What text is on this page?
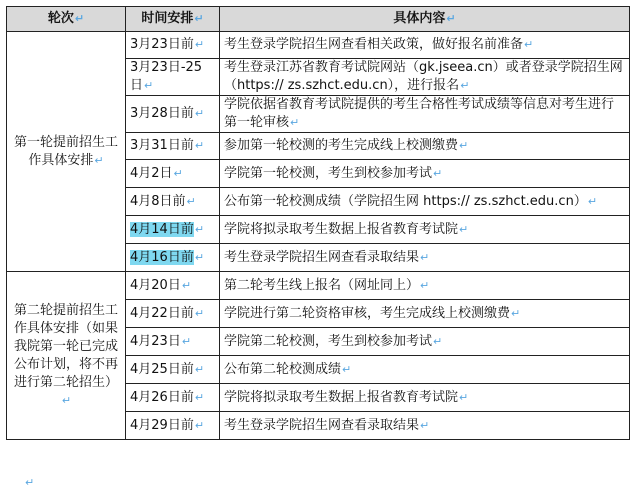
轮次↵	时间安排↵	具体内容↵
第一轮提前招生工作具体安排↵	3月23日前↵	考生登录学院招生网查看相关政策，做好报名前准备↵
	3月23日-25日↵	考生登录江苏省教育考试院网站（gk.jseea.cn）或者登录学院招生网（https:// zs.szhct.edu.cn），进行报名↵
	3月28日前↵	学院依据省教育考试院提供的考生合格性考试成绩等信息对考生进行第一轮审核↵
	3月31日前↵	参加第一轮校测的考生完成线上校测缴费↵
	4月2日↵	学院第一轮校测，考生到校参加考试↵
	4月8日前↵	公布第一轮校测成绩（学院招生网 https:// zs.szhct.edu.cn）↵
	4月14日前↵	学院将拟录取考生数据上报省教育考试院↵
	4月16日前↵	考生登录学院招生网查看录取结果↵
第二轮提前招生工作具体安排（如果我院第一轮已完成公布计划，将不再进行第二轮招生）↵	4月20日↵	第二轮考生线上报名（网址同上）↵
	4月22日前↵	学院进行第二轮资格审核，考生完成线上校测缴费↵
	4月23日↵	学院第二轮校测，考生到校参加考试↵
	4月25日前↵	公布第二轮校测成绩↵
	4月26日前↵	学院将拟录取考生数据上报省教育考试院↵
	4月29日前↵	考生登录学院招生网查看录取结果↵
↵
